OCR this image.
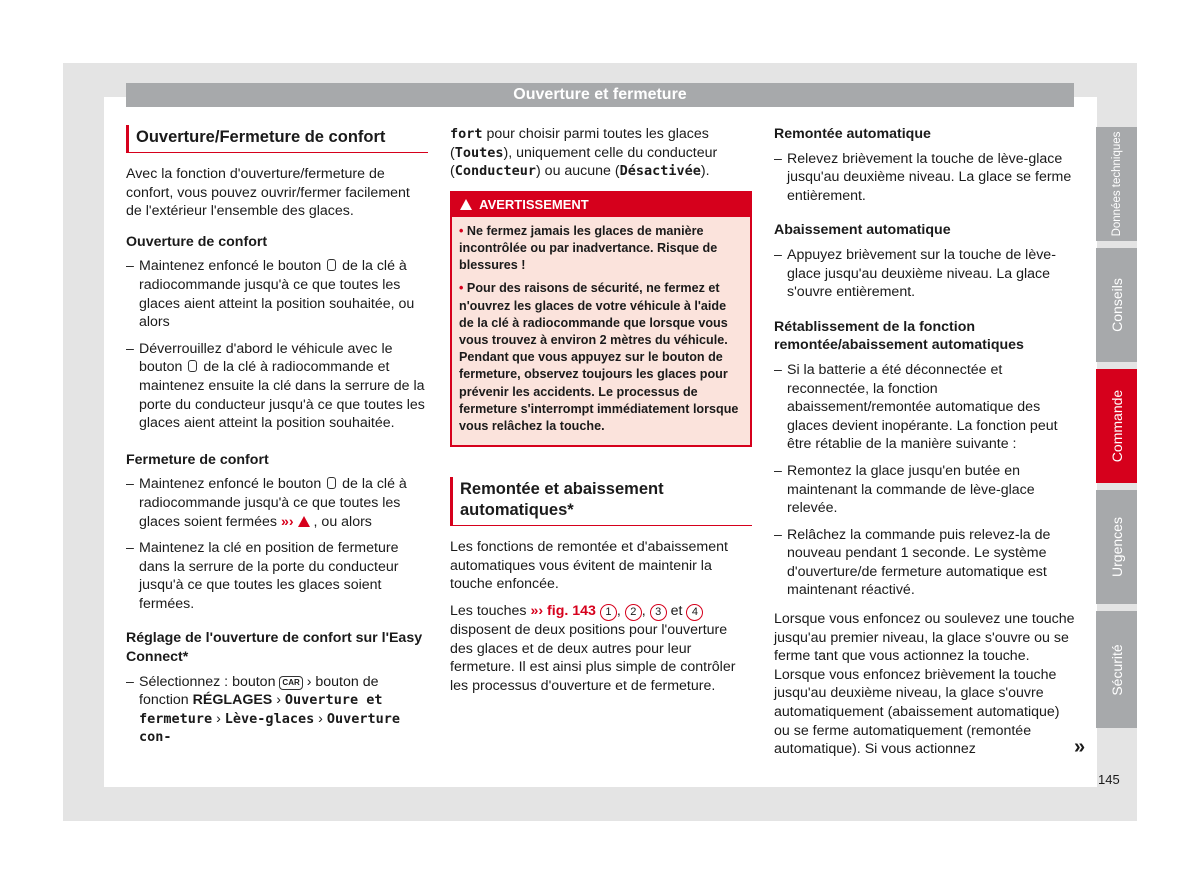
Ouverture et fermeture
Ouverture/Fermeture de confort

Avec la fonction d'ouverture/fermeture de confort, vous pouvez ouvrir/fermer facilement de l'extérieur l'ensemble des glaces.

Ouverture de confort
– Maintenez enfoncé le bouton de la clé à radiocommande jusqu'à ce que toutes les glaces aient atteint la position souhaitée, ou alors
– Déverrouillez d'abord le véhicule avec le bouton de la clé à radiocommande et maintenez ensuite la clé dans la serrure de la porte du conducteur jusqu'à ce que toutes les glaces aient atteint la position souhaitée.
Fermeture de confort
– Maintenez enfoncé le bouton de la clé à radiocommande jusqu'à ce que toutes les glaces soient fermées »› , ou alors
– Maintenez la clé en position de fermeture dans la serrure de la porte du conducteur jusqu'à ce que toutes les glaces soient fermées.
Réglage de l'ouverture de confort sur l'Easy Connect*
– Sélectionnez : bouton CAR › bouton de fonction RÉGLAGES › Ouverture et fermeture › Lève-glaces › Ouverture con-

fort pour choisir parmi toutes les glaces (Toutes), uniquement celle du conducteur (Conducteur) ou aucune (Désactivée).

AVERTISSEMENT

• Ne fermez jamais les glaces de manière incontrôlée ou par inadvertance. Risque de blessures !

• Pour des raisons de sécurité, ne fermez et n'ouvrez les glaces de votre véhicule à l'aide de la clé à radiocommande que lorsque vous vous trouvez à environ 2 mètres du véhicule. Pendant que vous appuyez sur le bouton de fermeture, observez toujours les glaces pour prévenir les accidents. Le processus de fermeture s'interrompt immédiatement lorsque vous relâchez la touche.

Remontée et abaissement automatiques*

Les fonctions de remontée et d'abaissement automatiques vous évitent de maintenir la touche enfoncée.

Les touches »› fig. 143 1 , 2 , 3 et 4 disposent de deux positions pour l'ouverture des glaces et de deux autres pour leur fermeture. Il est ainsi plus simple de contrôler les processus d'ouverture et de fermeture.

Remontée automatique
– Relevez brièvement la touche de lève-glace jusqu'au deuxième niveau. La glace se ferme entièrement.
Abaissement automatique
– Appuyez brièvement sur la touche de lève-glace jusqu'au deuxième niveau. La glace s'ouvre entièrement.
Rétablissement de la fonction remontée/abaissement automatiques
– Si la batterie a été déconnectée et reconnectée, la fonction abaissement/remontée automatique des glaces devient inopérante. La fonction peut être rétablie de la manière suivante :
– Remontez la glace jusqu'en butée en maintenant la commande de lève-glace relevée.
– Relâchez la commande puis relevez-la de nouveau pendant 1 seconde. Le système d'ouverture/de fermeture automatique est maintenant réactivé.

Lorsque vous enfoncez ou soulevez une touche jusqu'au premier niveau, la glace s'ouvre ou se ferme tant que vous actionnez la touche. Lorsque vous enfoncez brièvement la touche jusqu'au deuxième niveau, la glace s'ouvre automatiquement (abaissement automatique) ou se ferme automatiquement (remontée automatique). Si vous actionnez	»
145
Données techniques
Conseils
Commande
Urgences
Sécurité
